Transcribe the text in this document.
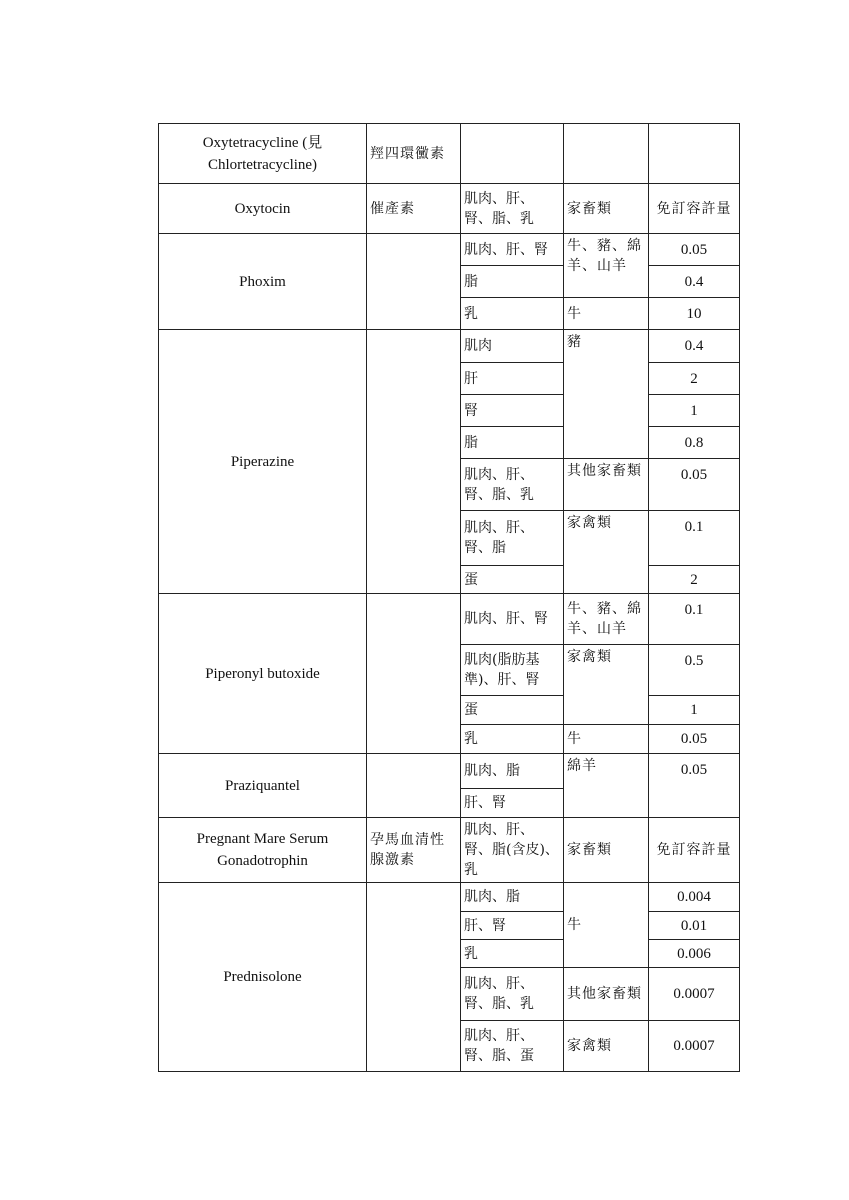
Oxytetracycline (見 Chlortetracycline)	羥四環黴素			
Oxytocin	催產素	肌肉、肝、腎、脂、乳	家畜類	免訂容許量
Phoxim		肌肉、肝、腎	牛、豬、綿羊、山羊	0.05
		脂		0.4
		乳	牛	10
Piperazine		肌肉	豬	0.4
		肝		2
		腎		1
		脂		0.8
		肌肉、肝、腎、脂、乳	其他家畜類	0.05
		肌肉、肝、腎、脂	家禽類	0.1
		蛋		2
Piperonyl butoxide		肌肉、肝、腎	牛、豬、綿羊、山羊	0.1
		肌肉(脂肪基準)、肝、腎	家禽類	0.5
		蛋		1
		乳	牛	0.05
Praziquantel		肌肉、脂	綿羊	0.05
		肝、腎		
Pregnant Mare Serum Gonadotrophin	孕馬血清性腺激素	肌肉、肝、腎、脂(含皮)、乳	家畜類	免訂容許量
Prednisolone		肌肉、脂	牛	0.004
		肝、腎		0.01
		乳		0.006
		肌肉、肝、腎、脂、乳	其他家畜類	0.0007
		肌肉、肝、腎、脂、蛋	家禽類	0.0007
